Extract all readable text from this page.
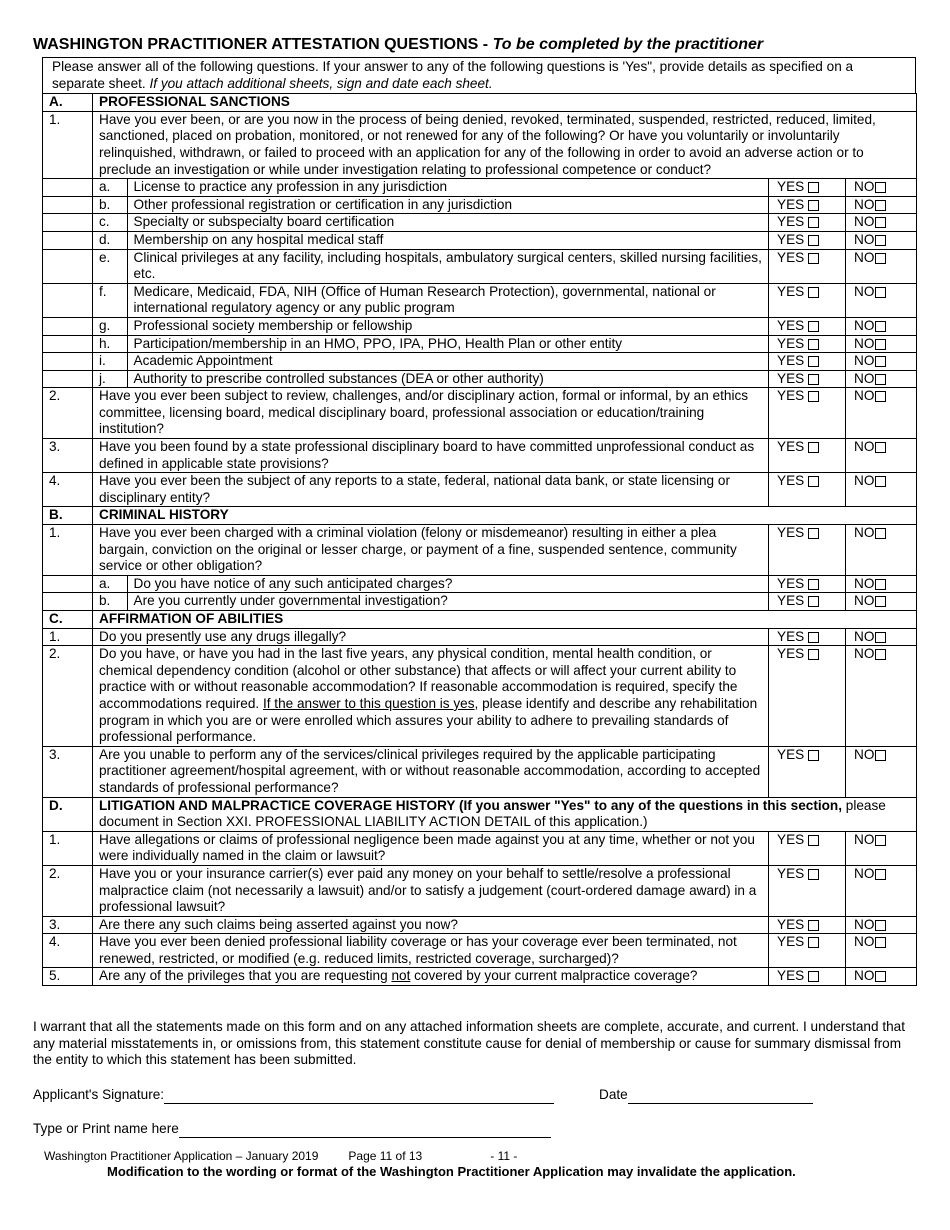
WASHINGTON PRACTITIONER ATTESTATION QUESTIONS - To be completed by the practitioner
Please answer all of the following questions. If your answer to any of the following questions is 'Yes", provide details as specified on a separate sheet. If you attach additional sheets, sign and date each sheet.
A.	PROFESSIONAL SANCTIONS
1.	Have you ever been, or are you now in the process of being denied, revoked, terminated, suspended, restricted, reduced, limited, sanctioned, placed on probation, monitored, or not renewed for any of the following? Or have you voluntarily or involuntarily relinquished, withdrawn, or failed to proceed with an application for any of the following in order to avoid an adverse action or to preclude an investigation or while under investigation relating to professional competence or conduct?

a.	License to practice any profession in any jurisdiction
		YES	NO

b.	Other professional registration or certification in any jurisdiction
		YES	NO

c.	Specialty or subspecialty board certification
		YES	NO

d.	Membership on any hospital medical staff
		YES	NO

e.	Clinical privileges at any facility, including hospitals, ambulatory surgical centers, skilled nursing facilities, etc.
	YES	NO

f.	Medicare, Medicaid, FDA, NIH (Office of Human Research Protection), governmental, national or international regulatory agency or any public program
	YES	NO

g.	Professional society membership or fellowship
		YES	NO

h.	Participation/membership in an HMO, PPO, IPA, PHO, Health Plan or other entity
		YES	NO

i.	Academic Appointment
		YES	NO

j.	Authority to prescribe controlled substances (DEA or other authority)
		YES	NO
2.	Have you ever been subject to review, challenges, and/or disciplinary action, formal or informal, by an ethics committee, licensing board, medical disciplinary board, professional association or education/training institution?	YES	NO
3.	Have you been found by a state professional disciplinary board to have committed unprofessional conduct as defined in applicable state provisions?	YES	NO
4.	Have you ever been the subject of any reports to a state, federal, national data bank, or state licensing or disciplinary entity?	YES	NO
B.	CRIMINAL HISTORY
1.	Have you ever been charged with a criminal violation (felony or misdemeanor) resulting in either a plea bargain, conviction on the original or lesser charge, or payment of a fine, suspended sentence, community service or other obligation?	YES	NO

a.	Do you have notice of any such anticipated charges?
		YES	NO

b.	Are you currently under governmental investigation?
		YES	NO
C.	AFFIRMATION OF ABILITIES
1.	Do you presently use any drugs illegally?	YES	NO
2.	Do you have, or have you had in the last five years, any physical condition, mental health condition, or chemical dependency condition (alcohol or other substance) that affects or will affect your current ability to practice with or without reasonable accommodation? If reasonable accommodation is required, specify the accommodations required. If the answer to this question is yes, please identify and describe any rehabilitation program in which you are or were enrolled which assures your ability to adhere to prevailing standards of professional performance.	YES	NO
3.	Are you unable to perform any of the services/clinical privileges required by the applicable participating practitioner agreement/hospital agreement, with or without reasonable accommodation, according to accepted standards of professional performance?	YES	NO
D.	LITIGATION AND MALPRACTICE COVERAGE HISTORY (If you answer "Yes" to any of the questions in this section, please document in Section XXI. PROFESSIONAL LIABILITY ACTION DETAIL of this application.)
1.	Have allegations or claims of professional negligence been made against you at any time, whether or not you were individually named in the claim or lawsuit?	YES	NO
2.	Have you or your insurance carrier(s) ever paid any money on your behalf to settle/resolve a professional malpractice claim (not necessarily a lawsuit) and/or to satisfy a judgement (court-ordered damage award) in a professional lawsuit?	YES	NO
3.	Are there any such claims being asserted against you now?	YES	NO
4.	Have you ever been denied professional liability coverage or has your coverage ever been terminated, not renewed, restricted, or modified (e.g. reduced limits, restricted coverage, surcharged)?	YES	NO
5.	Are any of the privileges that you are requesting not covered by your current malpractice coverage?	YES	NO
I warrant that all the statements made on this form and on any attached information sheets are complete, accurate, and current. I understand that any material misstatements in, or omissions from, this statement constitute cause for denial of membership or cause for summary dismissal from the entity to which this statement has been submitted.
Applicant's Signature:	Date
Type or Print name here
Washington Practitioner Application – January 2019	Page 11 of 13	- 11 -
Modification to the wording or format of the Washington Practitioner Application may invalidate the application.
